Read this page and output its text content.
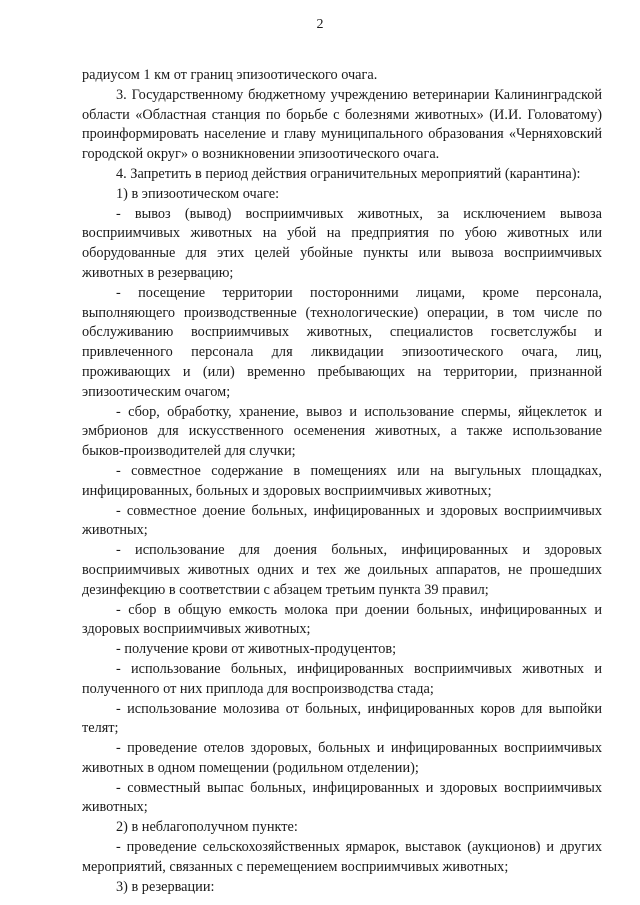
2

радиусом 1 км от границ эпизоотического очага.

3. Государственному бюджетному учреждению ветеринарии Калининградской области «Областная станция по борьбе с болезнями животных» (И.И. Головатому) проинформировать население и главу муниципального образования «Черняховский городской округ» о возникновении эпизоотического очага.

4. Запретить в период действия ограничительных мероприятий (карантина):

1) в эпизоотическом очаге:

- вывоз (вывод) восприимчивых животных, за исключением вывоза восприимчивых животных на убой на предприятия по убою животных или оборудованные для этих целей убойные пункты или вывоза восприимчивых животных в резервацию;

- посещение территории посторонними лицами, кроме персонала, выполняющего производственные (технологические) операции, в том числе по обслуживанию восприимчивых животных, специалистов госветслужбы и привлеченного персонала для ликвидации эпизоотического очага, лиц, проживающих и (или) временно пребывающих на территории, признанной эпизоотическим очагом;

- сбор, обработку, хранение, вывоз и использование спермы, яйцеклеток и эмбрионов для искусственного осеменения животных, а также использование быков-производителей для случки;

- совместное содержание в помещениях или на выгульных площадках, инфицированных, больных и здоровых восприимчивых животных;

- совместное доение больных, инфицированных и здоровых восприимчивых животных;

- использование для доения больных, инфицированных и здоровых восприимчивых животных одних и тех же доильных аппаратов, не прошедших дезинфекцию в соответствии с абзацем третьим пункта 39 правил;

- сбор в общую емкость молока при доении больных, инфицированных и здоровых восприимчивых животных;

- получение крови от животных-продуцентов;

- использование больных, инфицированных восприимчивых животных и полученного от них приплода для воспроизводства стада;

- использование молозива от больных, инфицированных коров для выпойки телят;

- проведение отелов здоровых, больных и инфицированных восприимчивых животных в одном помещении (родильном отделении);

- совместный выпас больных, инфицированных и здоровых восприимчивых животных;

2) в неблагополучном пункте:

- проведение сельскохозяйственных ярмарок, выставок (аукционов) и других мероприятий, связанных с перемещением восприимчивых животных;

3) в резервации:
